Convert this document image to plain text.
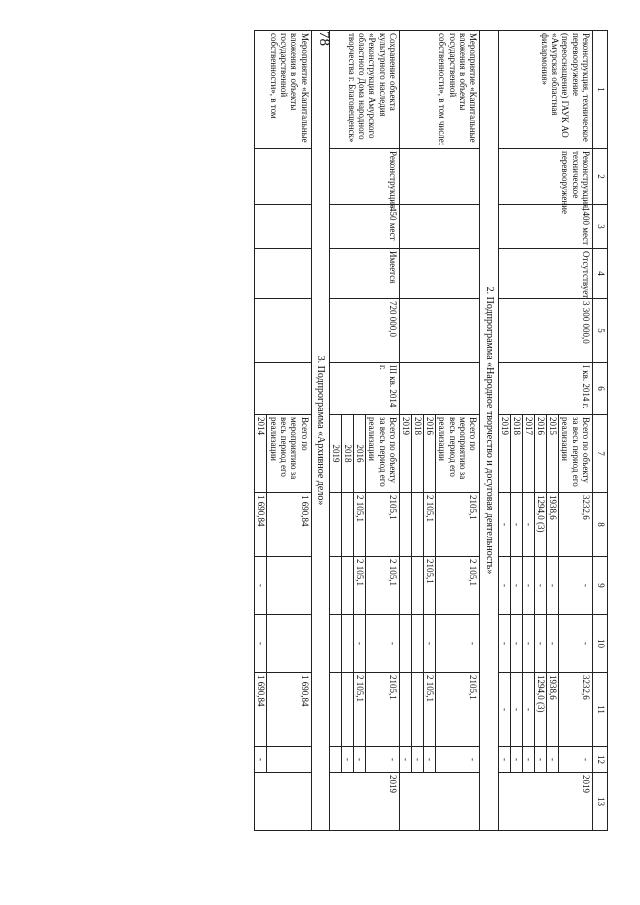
78
1	2	3	4	5	6	7	8	9	10	11	12	13
Реконструкция, техническое перевооружение (переоснащение) ГАУК АО «Амурская областная филармония»	Реконструкция, техническое перевооружение	1400 мест	Отсутствует	3 300 000,0	I кв. 2014 г.	Всего по объекту за весь период его реализации	3232,6	-	-	3232,6	-	2019
						2015	1938,6	-	-	1938,6	-	
						2016	1294,0 (3)	-	-	1294,0 (3)	-	
						2017	-	-	-	-	-	
						2018	-	-	-	-	-	
						2019	-	-	-	-	-	
2. Подпрограмма «Народное творчество и досуговая деятельность»												
Мероприятие «Капитальные вложения в объекты государственной собственности», в том числе:						Всего по мероприятию за весь период его реализации	2105,1	2 105,1	-	2105,1	-	
						2016	2 105,1	2105,1	-	2 105,1	-	
						2018					-	
						2019					-	
Сохранение объекта культурного наследия «Реконструкция Амурского областного Дома народного творчества г. Благовещенск»	Реконструкция	450 мест	Имеется	720 000,0	III кв. 2014 г.	Всего по объекту за весь период его реализации	2105,1	2 105,1	-	2105,1	-	2019
						2016	2 105,1	2 105,1	-	2 105,1	-	
						2018					-	
						2019						
3. Подпрограмма «Архивное дело»												
Мероприятие «Капитальные вложения в объекты государственной собственности», в том						Всего по мероприятию за весь период его реализации	1 690,84			1 690,84		
						2014	1 690,84	-	-	1 690,84	-	
